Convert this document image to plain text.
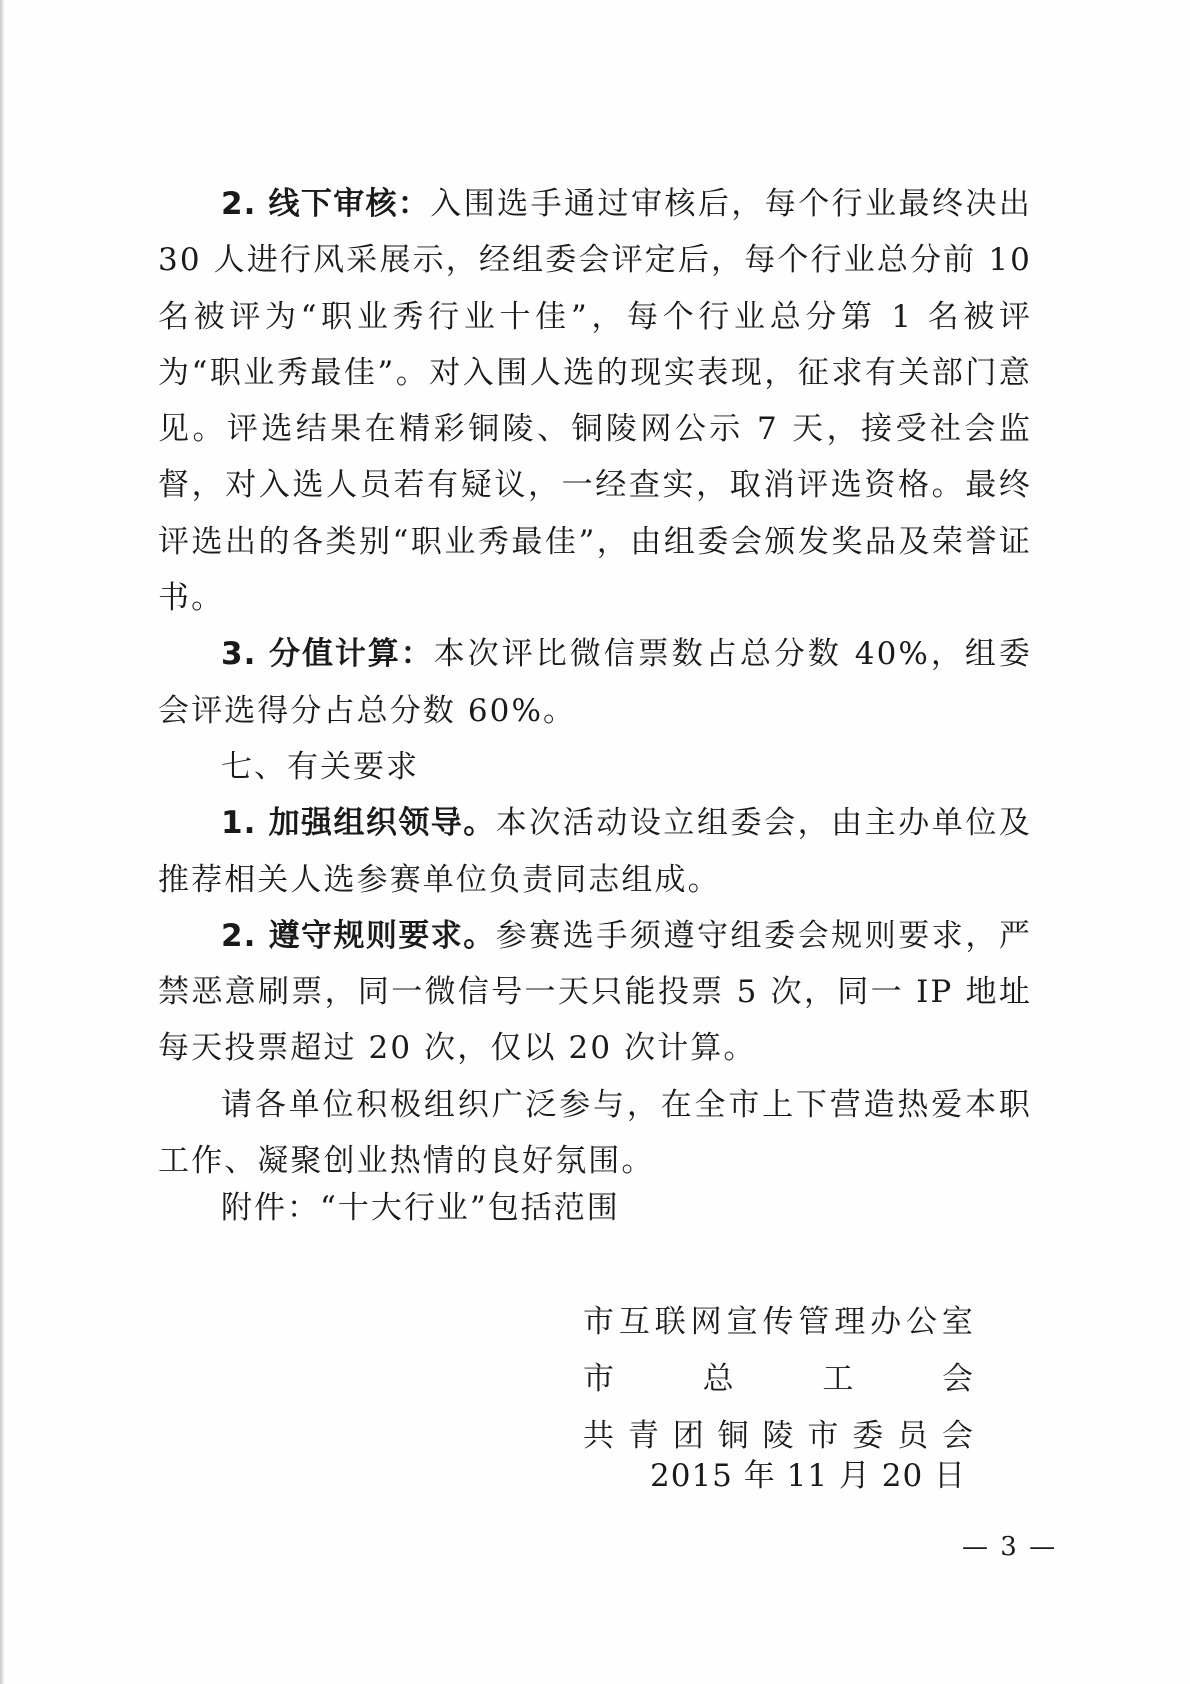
2. 线下审核：入围选手通过审核后，每个行业最终决出 30 人进行风采展示，经组委会评定后，每个行业总分前 10 名被评为“职业秀行业十佳”，每个行业总分第 1 名被评为“职业秀最佳”。对入围人选的现实表现，征求有关部门意见。评选结果在精彩铜陵、铜陵网公示 7 天，接受社会监督，对入选人员若有疑议，一经查实，取消评选资格。最终评选出的各类别“职业秀最佳”，由组委会颁发奖品及荣誉证书。

3. 分值计算：本次评比微信票数占总分数 40%，组委会评选得分占总分数 60%。

七、有关要求

1. 加强组织领导。本次活动设立组委会，由主办单位及推荐相关人选参赛单位负责同志组成。

2. 遵守规则要求。参赛选手须遵守组委会规则要求，严禁恶意刷票，同一微信号一天只能投票 5 次，同一 IP 地址每天投票超过 20 次，仅以 20 次计算。

请各单位积极组织广泛参与，在全市上下营造热爱本职工作、凝聚创业热情的良好氛围。

附件：“十大行业”包括范围

市 互 联 网 宣 传 管 理 办 公 室
市	总	工	会
共 青 团 铜 陵 市 委 员 会
2015 年 11 月 20 日
— 3 —
